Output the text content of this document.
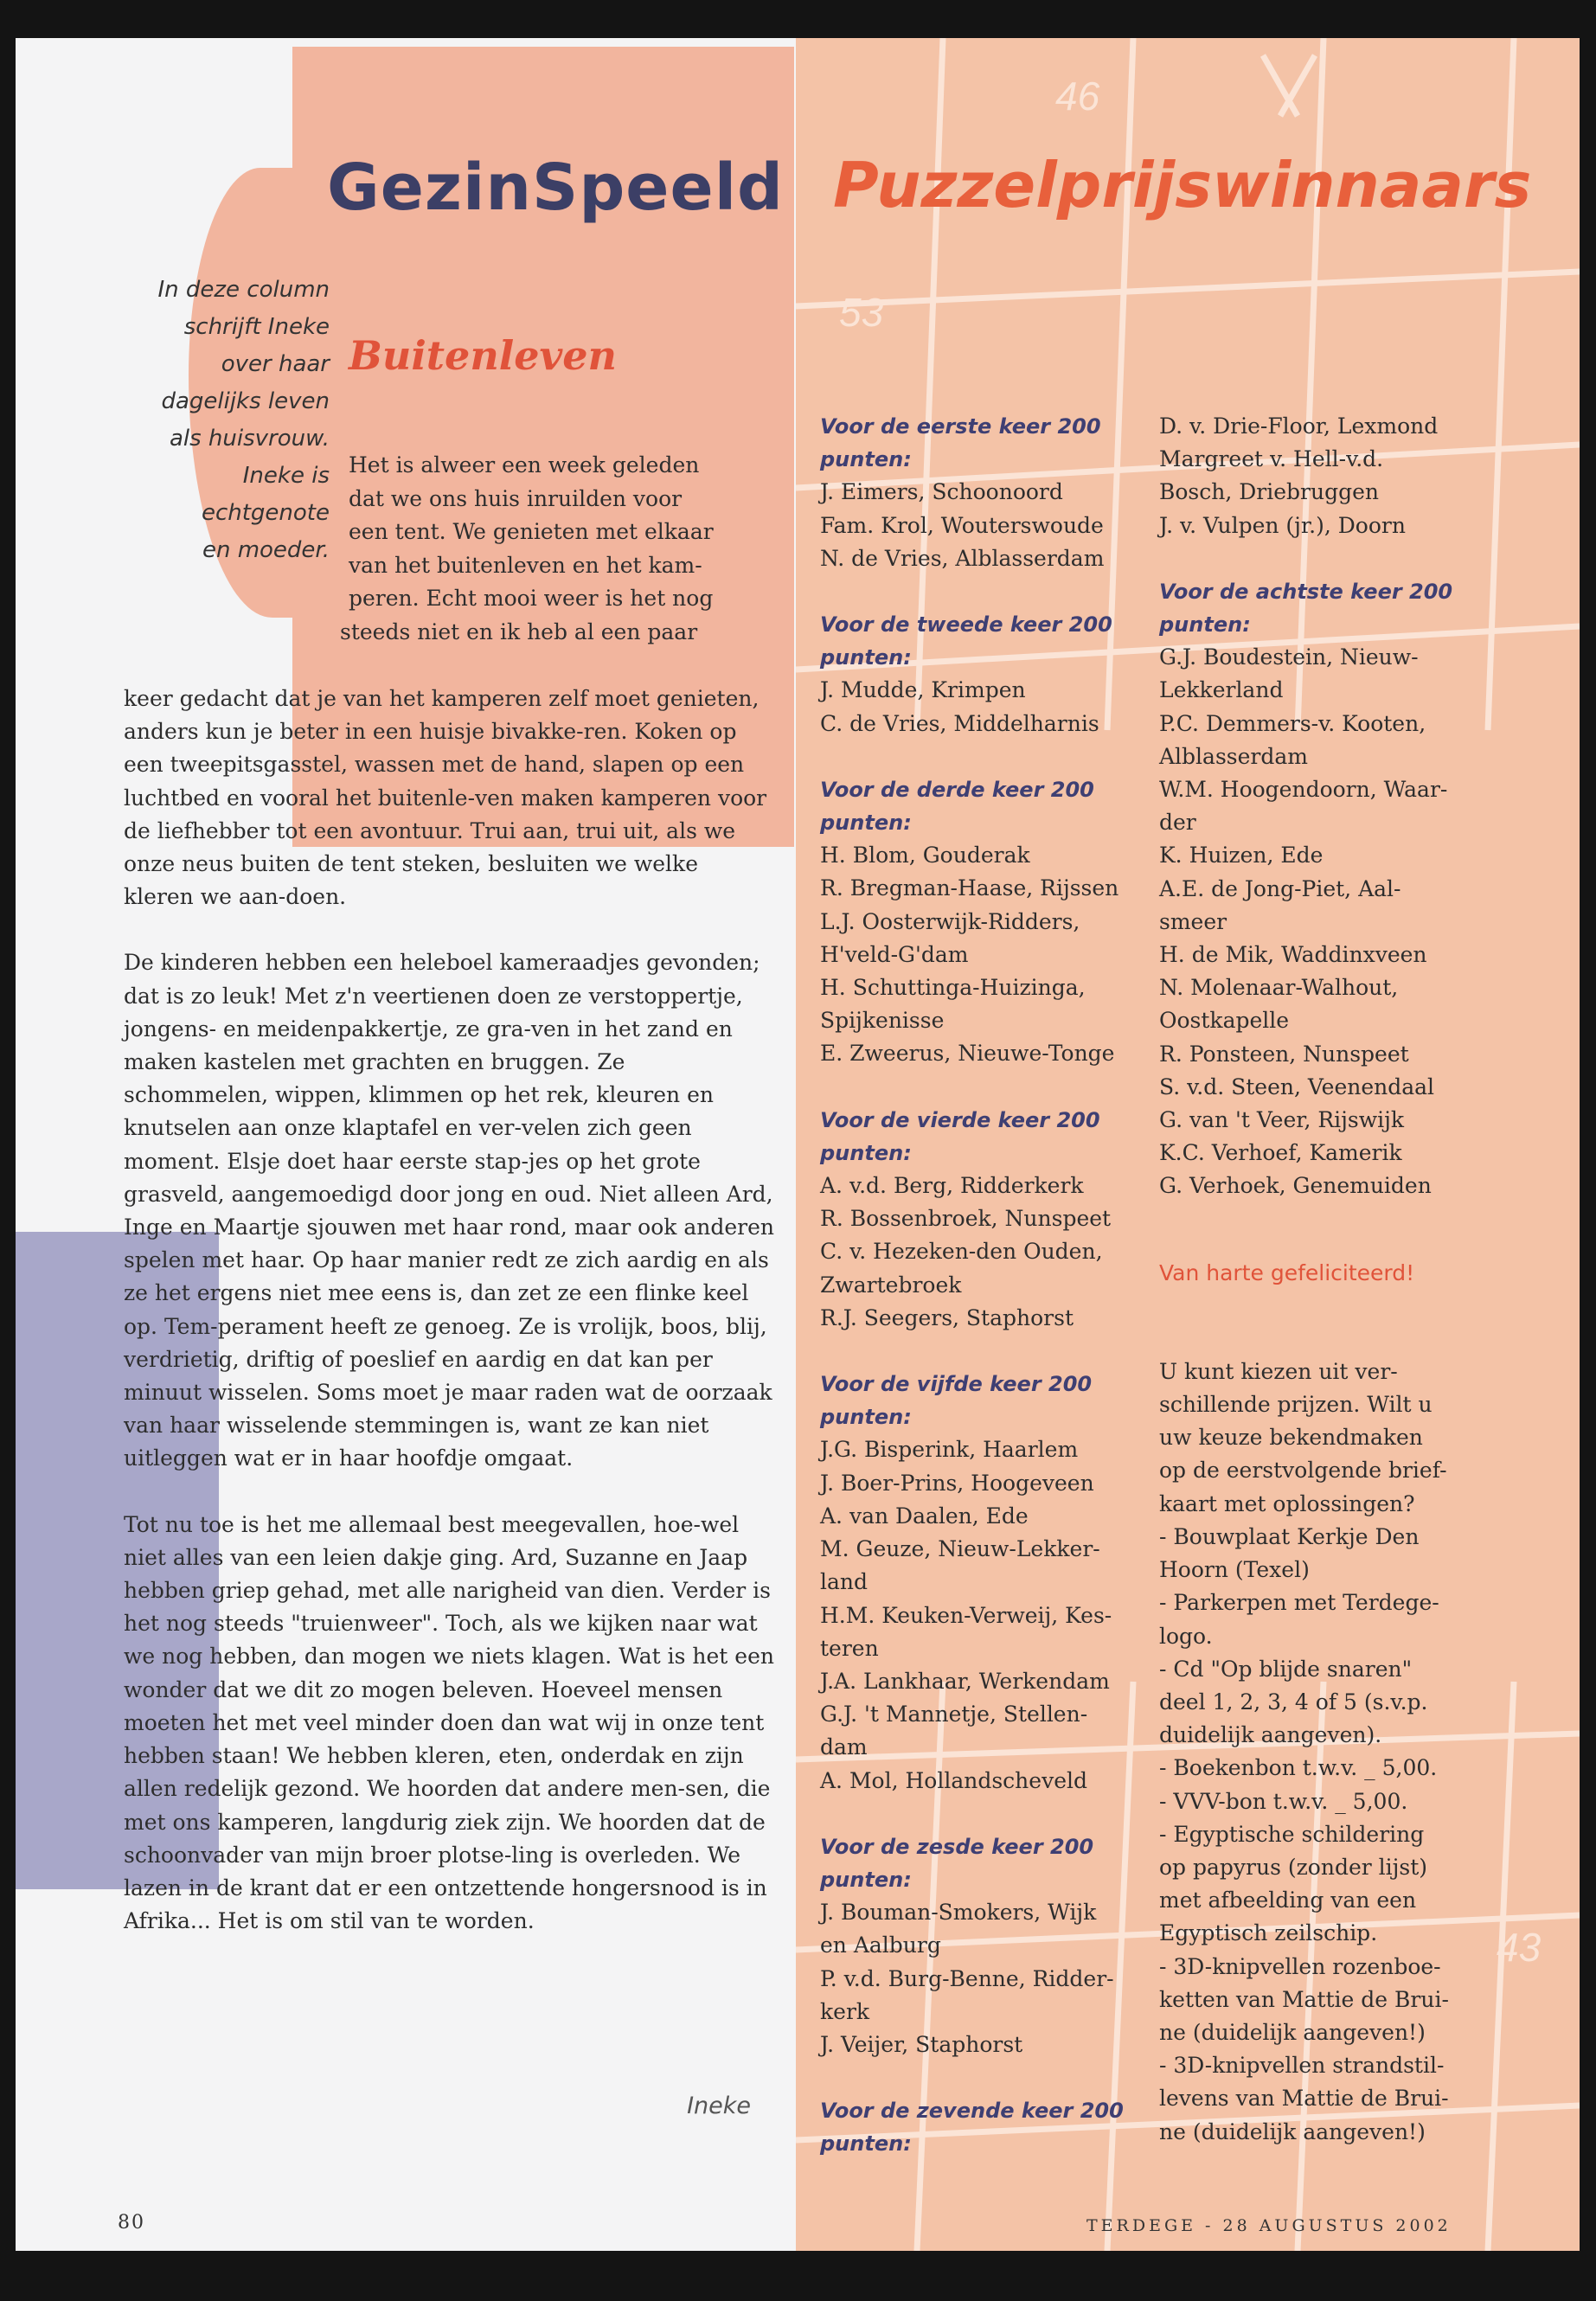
46
53
43
GezinSpeeld
In deze column
schrijft Ineke
over haar
dagelijks leven
als huisvrouw.
Ineke is
echtgenote
en moeder.
Buitenleven
Het is alweer een week geleden
dat we ons huis inruilden voor
een tent. We genieten met elkaar
van het buitenleven en het kam-
peren. Echt mooi weer is het nog
steeds niet en ik heb al een paar

keer gedacht dat je van het kamperen zelf moet genieten, anders kun je beter in een huisje bivakke-ren. Koken op een tweepitsgasstel, wassen met de hand, slapen op een luchtbed en vooral het buitenle-ven maken kamperen voor de liefhebber tot een avontuur. Trui aan, trui uit, als we onze neus buiten de tent steken, besluiten we welke kleren we aan-doen.

De kinderen hebben een heleboel kameraadjes gevonden; dat is zo leuk! Met z'n veertienen doen ze verstoppertje, jongens- en meidenpakkertje, ze gra-ven in het zand en maken kastelen met grachten en bruggen. Ze schommelen, wippen, klimmen op het rek, kleuren en knutselen aan onze klaptafel en ver-velen zich geen moment. Elsje doet haar eerste stap-jes op het grote grasveld, aangemoedigd door jong en oud. Niet alleen Ard, Inge en Maartje sjouwen met haar rond, maar ook anderen spelen met haar. Op haar manier redt ze zich aardig en als ze het ergens niet mee eens is, dan zet ze een flinke keel op. Tem-perament heeft ze genoeg. Ze is vrolijk, boos, blij, verdrietig, driftig of poeslief en aardig en dat kan per minuut wisselen. Soms moet je maar raden wat de oorzaak van haar wisselende stemmingen is, want ze kan niet uitleggen wat er in haar hoofdje omgaat.

Tot nu toe is het me allemaal best meegevallen, hoe-wel niet alles van een leien dakje ging. Ard, Suzanne en Jaap hebben griep gehad, met alle narigheid van dien. Verder is het nog steeds "truienweer". Toch, als we kijken naar wat we nog hebben, dan mogen we niets klagen. Wat is het een wonder dat we dit zo mogen beleven. Hoeveel mensen moeten het met veel minder doen dan wat wij in onze tent hebben staan! We hebben kleren, eten, onderdak en zijn allen redelijk gezond. We hoorden dat andere men-sen, die met ons kamperen, langdurig ziek zijn. We hoorden dat de schoonvader van mijn broer plotse-ling is overleden. We lazen in de krant dat er een ontzettende hongersnood is in Afrika... Het is om stil van te worden.

Ineke

80

Puzzelprijswinnaars
Voor de eerste keer 200
punten:
J. Eimers, Schoonoord
Fam. Krol, Wouterswoude
N. de Vries, Alblasserdam
Voor de tweede keer 200
punten:
J. Mudde, Krimpen
C. de Vries, Middelharnis
Voor de derde keer 200
punten:
H. Blom, Gouderak
R. Bregman-Haase, Rijssen
L.J. Oosterwijk-Ridders,
H'veld-G'dam
H. Schuttinga-Huizinga,
Spijkenisse
E. Zweerus, Nieuwe-Tonge
Voor de vierde keer 200
punten:
A. v.d. Berg, Ridderkerk
R. Bossenbroek, Nunspeet
C. v. Hezeken-den Ouden,
Zwartebroek
R.J. Seegers, Staphorst
Voor de vijfde keer 200
punten:
J.G. Bisperink, Haarlem
J. Boer-Prins, Hoogeveen
A. van Daalen, Ede
M. Geuze, Nieuw-Lekker-
land
H.M. Keuken-Verweij, Kes-
teren
J.A. Lankhaar, Werkendam
G.J. 't Mannetje, Stellen-
dam
A. Mol, Hollandscheveld
Voor de zesde keer 200
punten:
J. Bouman-Smokers, Wijk
en Aalburg
P. v.d. Burg-Benne, Ridder-
kerk
J. Veijer, Staphorst
Voor de zevende keer 200
punten:
D. v. Drie-Floor, Lexmond
Margreet v. Hell-v.d.
Bosch, Driebruggen
J. v. Vulpen (jr.), Doorn
Voor de achtste keer 200
punten:
G.J. Boudestein, Nieuw-
Lekkerland
P.C. Demmers-v. Kooten,
Alblasserdam
W.M. Hoogendoorn, Waar-
der
K. Huizen, Ede
A.E. de Jong-Piet, Aal-
smeer
H. de Mik, Waddinxveen
N. Molenaar-Walhout,
Oostkapelle
R. Ponsteen, Nunspeet
S. v.d. Steen, Veenendaal
G. van 't Veer, Rijswijk
K.C. Verhoef, Kamerik
G. Verhoek, Genemuiden
Van harte gefeliciteerd!
U kunt kiezen uit ver-
schillende prijzen. Wilt u
uw keuze bekendmaken
op de eerstvolgende brief-
kaart met oplossingen?
- Bouwplaat Kerkje Den
Hoorn (Texel)
- Parkerpen met Terdege-
logo.
- Cd "Op blijde snaren"
deel 1, 2, 3, 4 of 5 (s.v.p.
duidelijk aangeven).
- Boekenbon t.w.v. _ 5,00.
- VVV-bon t.w.v. _ 5,00.
- Egyptische schildering
op papyrus (zonder lijst)
met afbeelding van een
Egyptisch zeilschip.
- 3D-knipvellen rozenboe-
ketten van Mattie de Brui-
ne (duidelijk aangeven!)
- 3D-knipvellen strandstil-
levens van Mattie de Brui-
ne (duidelijk aangeven!)

TERDEGE - 28 AUGUSTUS 2002
